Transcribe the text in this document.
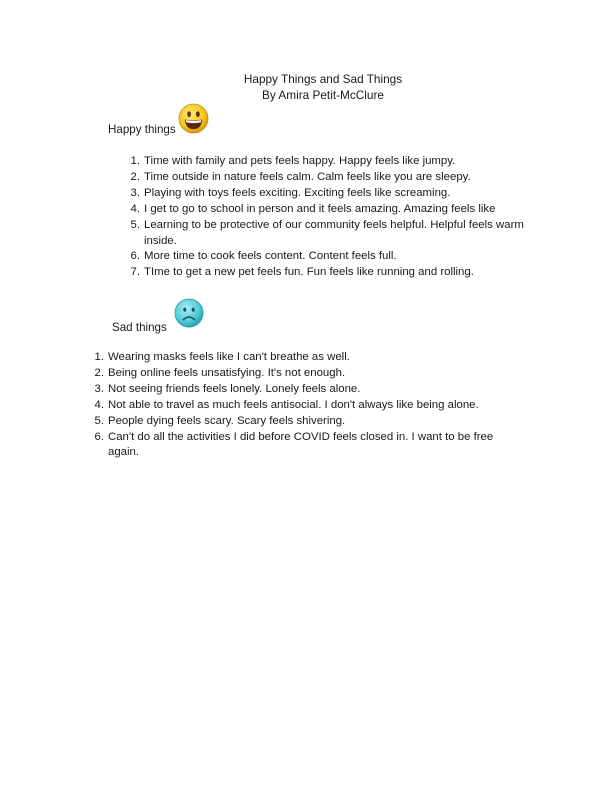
Happy Things and Sad Things
By Amira Petit-McClure
Happy things
1. Time with family and pets feels happy. Happy feels like jumpy.
2. Time outside in nature feels calm. Calm feels like you are sleepy.
3. Playing with toys feels exciting. Exciting feels like screaming.
4. I get to go to school in person and it feels amazing. Amazing feels like
5. Learning to be protective of our community feels helpful. Helpful feels warm inside.
6. More time to cook feels content. Content feels full.
7. TIme to get a new pet feels fun. Fun feels like running and rolling.
Sad things
1. Wearing masks feels like I can't breathe as well.
2. Being online feels unsatisfying. It's not enough.
3. Not seeing friends feels lonely. Lonely feels alone.
4. Not able to travel as much feels antisocial. I don't always like being alone.
5. People dying feels scary. Scary feels shivering.
6. Can't do all the activities I did before COVID feels closed in. I want to be free again.
